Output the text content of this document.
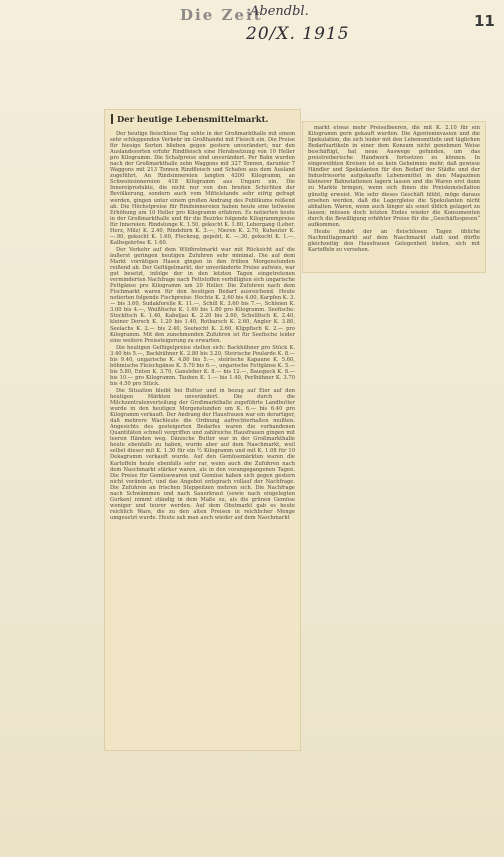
Die Zeit
Abendbl.
20/X. 1915
11
Der heutige Lebensmittelmarkt.

Der heutige fleischlose Tag sehte in der Großmarkthalle mit einem sehr schleppenden Verkehr im Großhandel mit Fleisch ein. Die Preise für hiesige Sorten blieben gegen gestern unverändert; nur den Auslandssorten erfuhr Rindfleisch eine Herabsetzung von 10 Heller pro Kilogramm. Die Schafpreise sind unverändert. Per Bahn wurden nach der Großmarkthalle zehn Waggons mit 327 Tonnen, darunter 7 Waggons mit 213 Tonnen Rindfleisch und Schafen aus dem Ausland zugeführt. An Rindsinnereien langten 4200 Kilogramm, an Schweinsinnereien 418 Kilogramm aus Ungarn ein. Die Innereiprodukte, die nicht nur von den breiten Schichten der Bevölkerung, sondern auch vom Mittelstande sehr eifrig gefragt werden, gingen unter einem großen Andrang des Publikums reißend ab. Die Höchstpreise für Rindsinnereien haben heute eine teilweise Erhöhung um 10 Heller pro Kilogramm erfahren. Es notierten heute in der Großmarkthalle und für die Bezirke folgende Kilogrammpreise für Innereien: Rindslunge K. 1.50, gekocht K. 1.80, Lebergang (Leber, Herz, Milz) K. 2.40, Rindshirn K. 3.—, Nieren K. 2.70, Kuheuter K. —.90, gekocht K. 1.60, Fleckzug, gepuht, K. —.30, gekocht K. 1.—, Kalbsgekröse K. 1.60.

Der Verkehr auf dem Wildbretmarkt war mit Rücksicht auf die äußerst geringen heutigen Zufuhren sehr minimal. Die auf dem Markt vorrätigen Hasen gingen in den frühen Morgenstunden reißend ab. Der Geflügelmarkt, der unveränderte Preise aufwies, war gut besetzt, infolge der in den letzten Tagen eingetretenen verminderten Nachfrage nach Fettstoffen verbilligten sich ungarische Fettgänse pro Kilogramm um 20 Heller. Die Zufuhren nach dem Fischmarkt waren für den heutigen Bedarf ausreichend. Heute notierten folgende Fischpreise: Hechte K. 2.60 bis 4.00, Karpfen K. 3.— bis 3.60, Sudakforelle K. 11.—, Schill K. 3.60 bis 7.—, Schleien K. 3.00 bis 4.—, Weißfische K. 1.60 bis 1.80 pro Kilogramm. Seefische: Stockfisch K. 1.40, Kabeljau K. 2.20 bis 2.60, Schellfisch K. 2.40, kleiner Dorsch K. 1.20 bis 1.40, Rotbarsch K. 2.60, Angler K. 3.80, Seelachs K. 2.— bis 2.40, Seehecht K. 2.60, Klippfisch K. 2.— pro Kilogramm. Mit den zunehmenden Zufuhren ist für Seefische leider eine weitere Preissteigerung zu erwarten.

Die heutigen Geflügelpreise stellen sich: Backhühner pro Stück K. 3.40 bis 5.—, Backhühner K. 2.80 bis 3.20, Steirische Poularde K. 8.— bis 9.40, ungarische K. 4.80 bis 5.—, steirische Kapaune K. 5.60, böhmische Fleischgänse K. 5.70 bis 6.—, ungarische Fettgänse K. 5.— bis 5.80, Enten K. 3.70, Gansleber K. 8.— bis 12.—, Bauspeck K. 8.— bis 10.— pro Kilogramm. Tauben K. 1.— bis 1.40, Perlhühner K. 3.70 bis 4.50 pro Stück.

Die Situation bleibt bei Butter und in bezug auf Eier auf den heutigen Märkten unverändert. Die durch die Milchzentralenverteilung der Großmarkthalle zugeführte Landbutter wurde in den heutigen Morgenstunden um K. 6.— bis 6.40 pro Kilogramm verkauft. Der Andrang der Hausfrauen war ein derartiger, daß mehrere Wachleute die Ordnung aufrechterhalten mußten. Angesichts des gesteigerten Bedarfes waren die vorhandenen Quantitäten schnell vergriffen und zahlreiche Hausfrauen gingen mit leeren Händen weg. Dänische Butter war in der Großmarkthalle heute ebenfalls zu haben, wurde aber auf dem Naschmarkt, weil selbst dieser mit K. 1.30 für ein ½ Kilogramm und mit K. 1.08 für 10 Dekagramm verkauft wurde. Auf den Gemüsemärkten waren die Kartoffeln heute ebenfalls sehr rar, wenn auch die Zufuhren nach dem Naschmarkt stärker waren, als in den vorangegangenen Tagen. Die Preise für Gemüsewaren und Gemüse haben sich gegen gestern nicht verändert, und das Angebot entsprach vollauf der Nachfrage. Die Zufuhren an frischen Steppeilzen mehren sich. Die Nachfrage nach Schwämmen und nach Sauerkraut (sowie nach eingelegten Gurken) nimmt ständig in dem Maße zu, als die grünen Gemüse weniger und teurer werden. Auf dem Obstmarkt gab es heute reichlich Ware, die zu den alten Preisen in reichlicher Menge umgesetzt wurde. Heute sah man auch wieder auf dem Naschmarkt

markt etwas mehr Preiselbeeren, die mit K. 2.10 für ein Kilogramm gern gekauft wurden. Die Agenteninvasion und die Spekulation, die sich leider mit den Lebensmitteln und täglichen Bedarfsartikeln in einer dem Konsum nicht genehmen Weise beschäftigt, hat neue Auswege gefunden, um das preistreiberische Handwerk fortsetzen zu können. In eingeweihten Kreisen ist es kein Geheimnis mehr, daß gewisse Händler und Spekulanten für den Bedarf der Städte und der Industriesorte aufgekaufte Lebensmittel in den Magazinen kleinerer Bahnstationen lagern lassen und die Waren erst dann zu Markte bringen, wenn sich ihnen die Preiskonstellation günstig erweist. Wie sehr dieses Geschäft blüht, möge daraus ersehen werden, daß die Lagergleise die Spekulanten nicht abhalten. Waren, wenn auch länger als sonst üblich gelagert zu lassen; müssen doch letzten Endes wieder die Konsumenten durch die Bewilligung erhöhter Preise für die „Geschäftsspesen“ aufkommen.

Heute findet der an fleischlosen Tagen übliche Nachmittagsmarkt auf dem Naschmarkt statt und dürfte gleichzeitig den Hausfrauen Gelegenheit bieten, sich mit Kartoffeln zu versehen.
